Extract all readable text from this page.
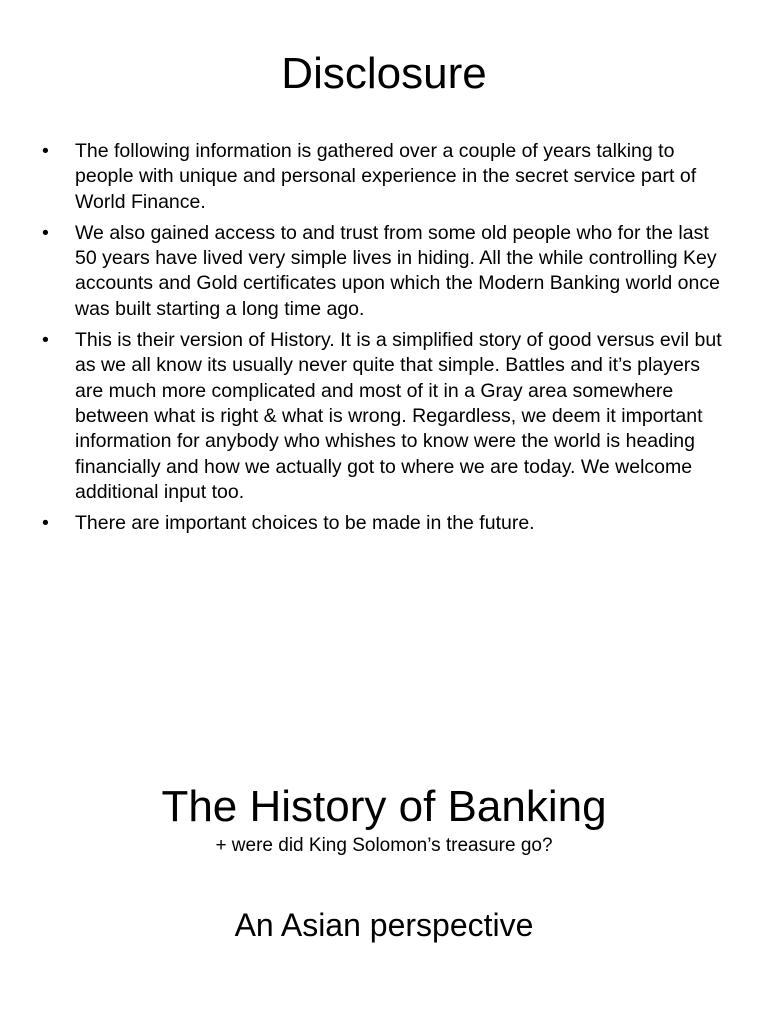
Disclosure
• The following information is gathered over a couple of years talking to people with unique and personal experience in the secret service part of World Finance.
• We also gained access to and trust from some old people who for the last 50 years have lived very simple lives in hiding. All the while controlling Key accounts and Gold certificates upon which the Modern Banking world once was built starting a long time ago.
• This is their version of History. It is a simplified story of good versus evil but as we all know its usually never quite that simple. Battles and it’s players are much more complicated and most of it in a Gray area somewhere between what is right & what is wrong. Regardless, we deem it important information for anybody who whishes to know were the world is heading financially and how we actually got to where we are today. We welcome additional input too.
• There are important choices to be made in the future.
The History of Banking

+ were did King Solomon’s treasure go?

An Asian perspective
